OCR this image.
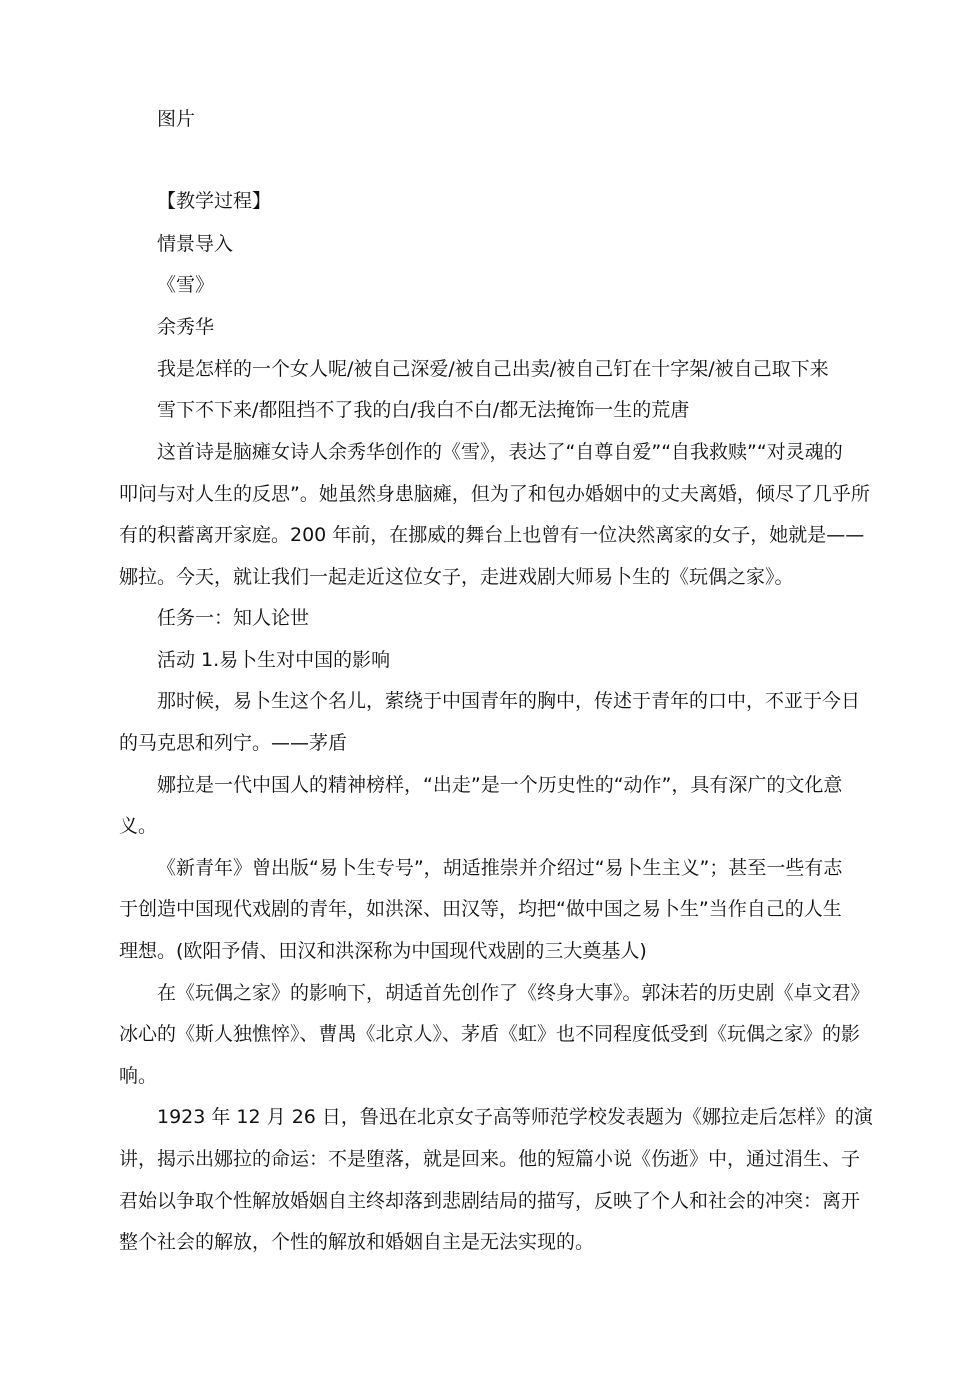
图片
【教学过程】
情景导入
《雪》
余秀华
我是怎样的一个女人呢/被自己深爱/被自己出卖/被自己钉在十字架/被自己取下来
雪下不下来/都阻挡不了我的白/我白不白/都无法掩饰一生的荒唐
这首诗是脑瘫女诗人余秀华创作的《雪》，表达了“自尊自爱”“自我救赎”“对灵魂的
叩问与对人生的反思”。她虽然身患脑瘫，但为了和包办婚姻中的丈夫离婚，倾尽了几乎所
有的积蓄离开家庭。200 年前，在挪威的舞台上也曾有一位决然离家的女子，她就是——
娜拉。今天，就让我们一起走近这位女子，走进戏剧大师易卜生的《玩偶之家》。
任务一：知人论世
活动 1.易卜生对中国的影响
那时候，易卜生这个名儿，萦绕于中国青年的胸中，传述于青年的口中，不亚于今日
的马克思和列宁。——茅盾
娜拉是一代中国人的精神榜样，“出走”是一个历史性的“动作”，具有深广的文化意
义。
《新青年》曾出版“易卜生专号”，胡适推崇并介绍过“易卜生主义”；甚至一些有志
于创造中国现代戏剧的青年，如洪深、田汉等，均把“做中国之易卜生”当作自己的人生
理想。(欧阳予倩、田汉和洪深称为中国现代戏剧的三大奠基人)
在《玩偶之家》的影响下，胡适首先创作了《终身大事》。郭沫若的历史剧《卓文君》
冰心的《斯人独憔悴》、曹禺《北京人》、茅盾《虹》也不同程度低受到《玩偶之家》的影
响。
1923 年 12 月 26 日，鲁迅在北京女子高等师范学校发表题为《娜拉走后怎样》的演
讲，揭示出娜拉的命运：不是堕落，就是回来。他的短篇小说《伤逝》中，通过涓生、子
君始以争取个性解放婚姻自主终却落到悲剧结局的描写，反映了个人和社会的冲突：离开
整个社会的解放，个性的解放和婚姻自主是无法实现的。
